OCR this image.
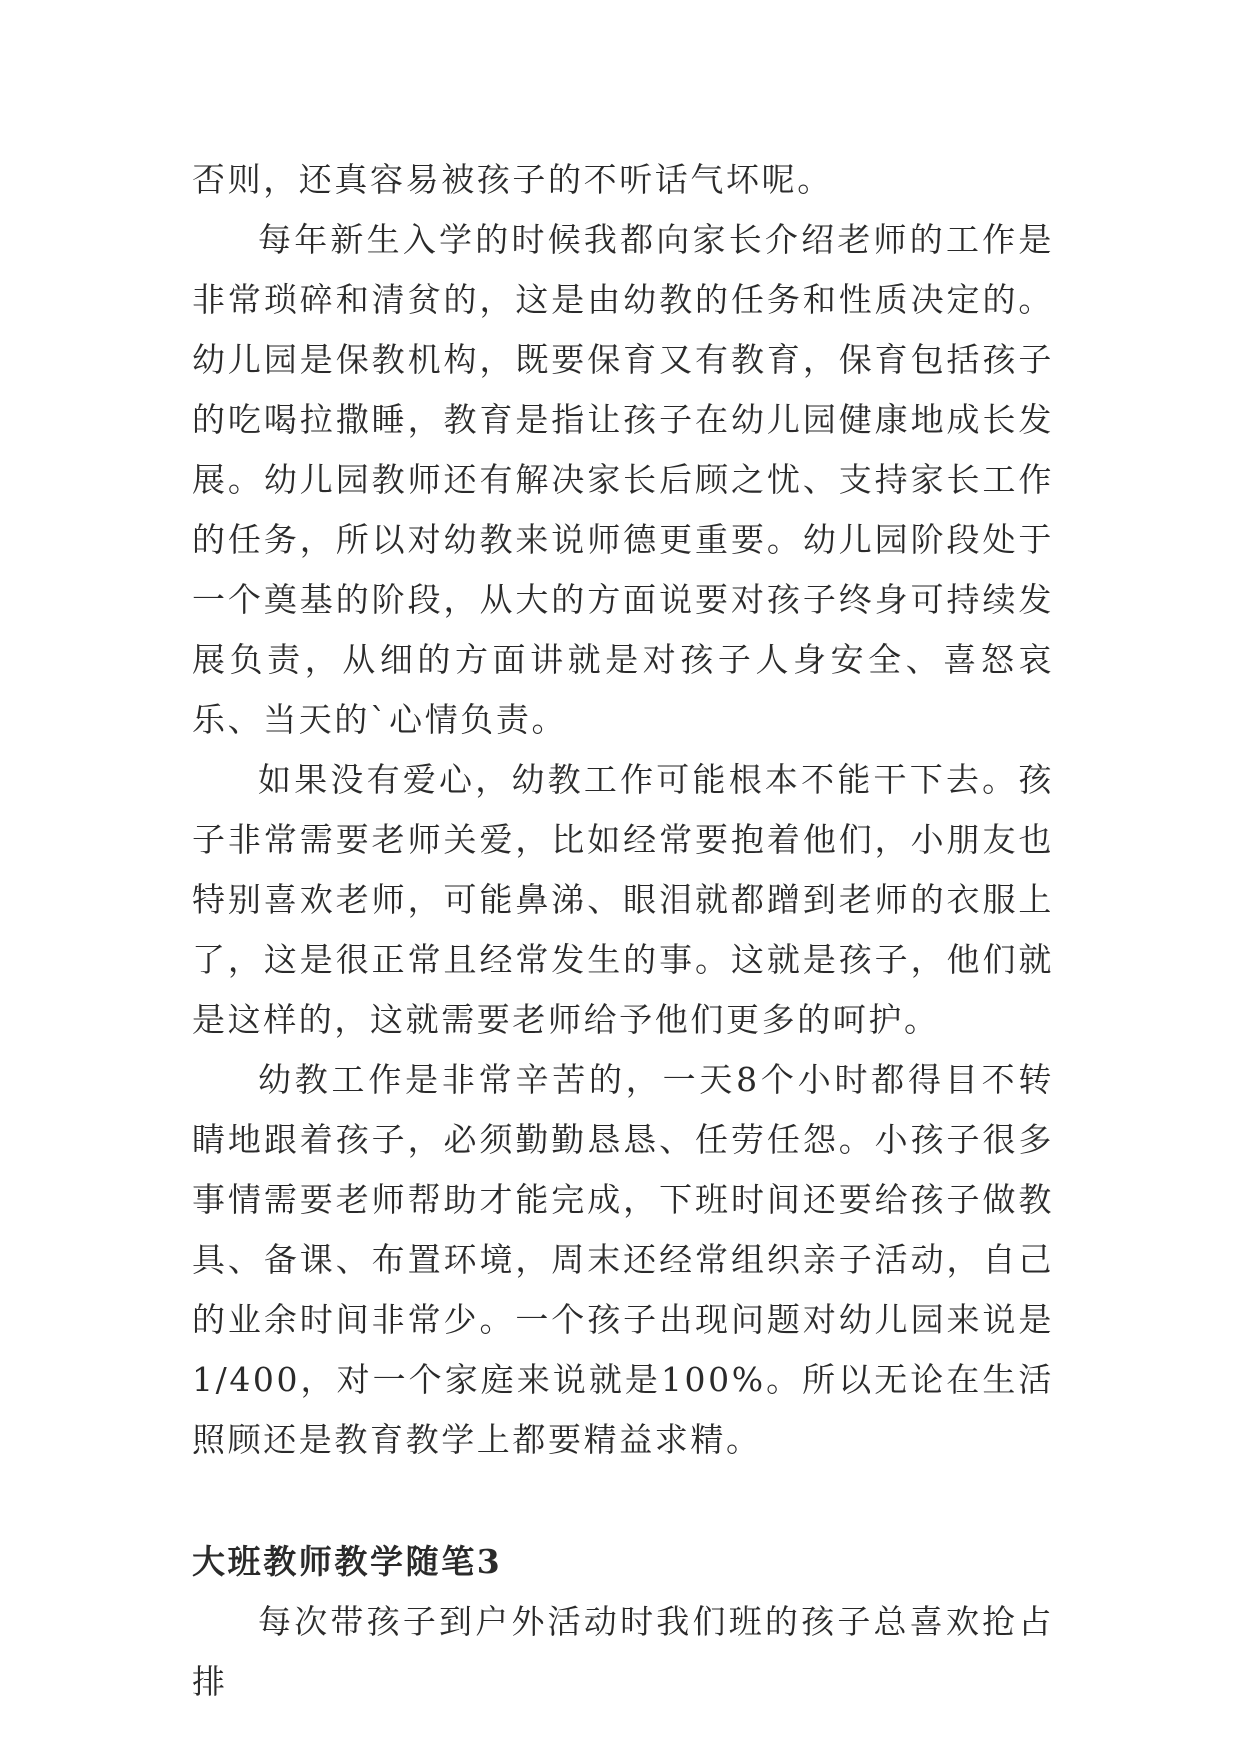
否则，还真容易被孩子的不听话气坏呢。

每年新生入学的时候我都向家长介绍老师的工作是非常琐碎和清贫的，这是由幼教的任务和性质决定的。幼儿园是保教机构，既要保育又有教育，保育包括孩子的吃喝拉撒睡，教育是指让孩子在幼儿园健康地成长发展。幼儿园教师还有解决家长后顾之忧、支持家长工作的任务，所以对幼教来说师德更重要。幼儿园阶段处于一个奠基的阶段，从大的方面说要对孩子终身可持续发展负责，从细的方面讲就是对孩子人身安全、喜怒哀乐、当天的`心情负责。

如果没有爱心，幼教工作可能根本不能干下去。孩子非常需要老师关爱，比如经常要抱着他们，小朋友也特别喜欢老师，可能鼻涕、眼泪就都蹭到老师的衣服上了，这是很正常且经常发生的事。这就是孩子，他们就是这样的，这就需要老师给予他们更多的呵护。

幼教工作是非常辛苦的，一天8个小时都得目不转睛地跟着孩子，必须勤勤恳恳、任劳任怨。小孩子很多事情需要老师帮助才能完成，下班时间还要给孩子做教具、备课、布置环境，周末还经常组织亲子活动，自己的业余时间非常少。一个孩子出现问题对幼儿园来说是1/400，对一个家庭来说就是100%。所以无论在生活照顾还是教育教学上都要精益求精。

大班教师教学随笔3

每次带孩子到户外活动时我们班的孩子总喜欢抢占排
